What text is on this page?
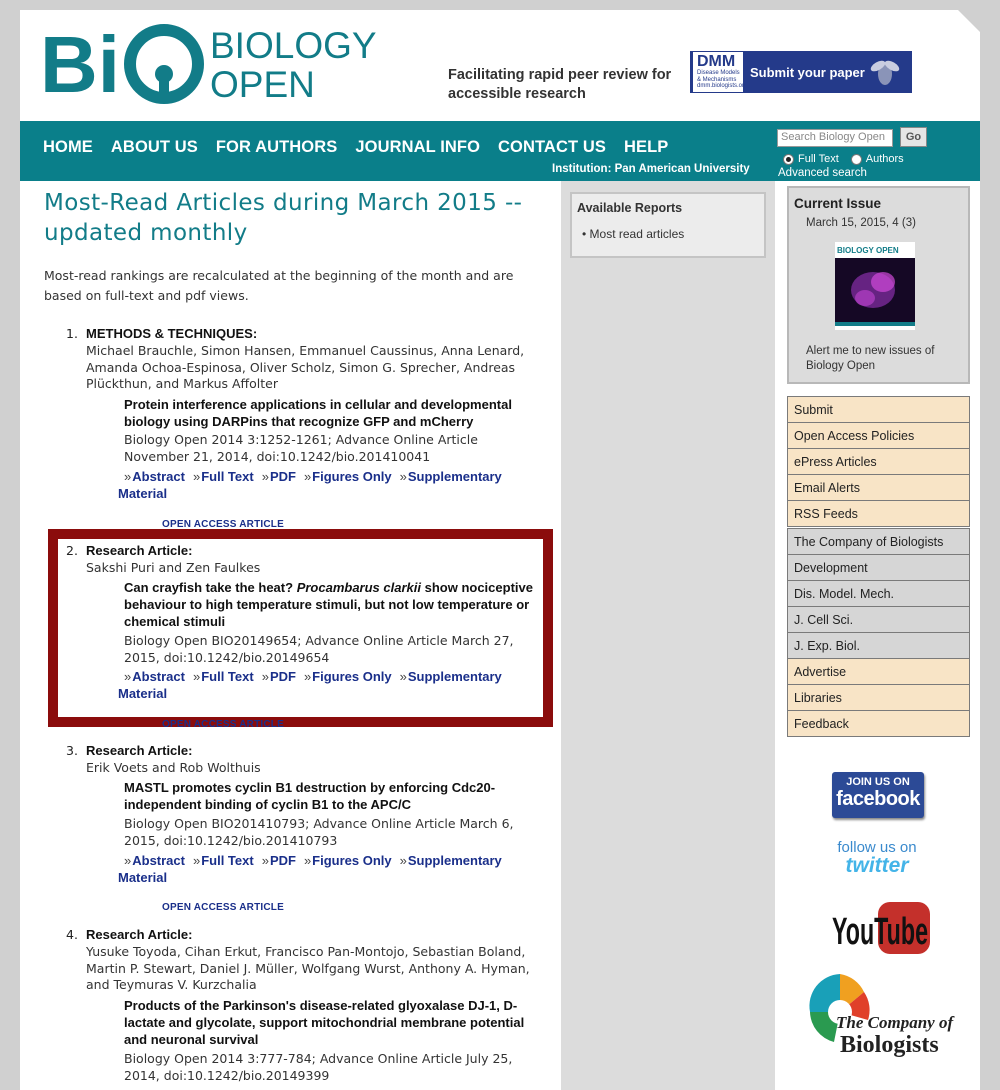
Bi BIOLOGY
OPEN	Facilitating rapid peer review for
accessible research
DMM
Disease Models
& Mechanisms
dmm.biologists.org
Submit your paper
HOME ABOUT US FOR AUTHORS JOURNAL INFO CONTACT US HELP
Institution: Pan American University
Search Biology Open	Go
Full Text Authors
Advanced search
Available Reports
• Most read articles
Most-Read Articles during March 2015 -- updated monthly
Most-read rankings are recalculated at the beginning of the month and are based on full-text and pdf views.
1. METHODS & TECHNIQUES:
Michael Brauchle, Simon Hansen, Emmanuel Caussinus, Anna Lenard, Amanda Ochoa-Espinosa, Oliver Scholz, Simon G. Sprecher, Andreas Plückthun, and Markus Affolter
Protein interference applications in cellular and developmental biology using DARPins that recognize GFP and mCherry
Biology Open 2014 3:1252-1261; Advance Online Article November 21, 2014, doi:10.1242/bio.201410041
»Abstract »Full Text »PDF »Figures Only »Supplementary
Material
OPEN ACCESS ARTICLE
2. Research Article:
Sakshi Puri and Zen Faulkes
Can crayfish take the heat? Procambarus clarkii show nociceptive behaviour to high temperature stimuli, but not low temperature or chemical stimuli
Biology Open BIO20149654; Advance Online Article March 27, 2015, doi:10.1242/bio.20149654
»Abstract »Full Text »PDF »Figures Only »Supplementary
Material
OPEN ACCESS ARTICLE
3. Research Article:
Erik Voets and Rob Wolthuis
MASTL promotes cyclin B1 destruction by enforcing Cdc20-independent binding of cyclin B1 to the APC/C
Biology Open BIO201410793; Advance Online Article March 6, 2015, doi:10.1242/bio.201410793
»Abstract »Full Text »PDF »Figures Only »Supplementary
Material
OPEN ACCESS ARTICLE
4. Research Article:
Yusuke Toyoda, Cihan Erkut, Francisco Pan-Montojo, Sebastian Boland, Martin P. Stewart, Daniel J. Müller, Wolfgang Wurst, Anthony A. Hyman, and Teymuras V. Kurzchalia
Products of the Parkinson's disease-related glyoxalase DJ-1, D-lactate and glycolate, support mitochondrial membrane potential and neuronal survival
Biology Open 2014 3:777-784; Advance Online Article July 25, 2014, doi:10.1242/bio.20149399
Current Issue
March 15, 2015, 4 (3)
BIOLOGY OPEN
Alert me to new issues of Biology Open
Submit
Open Access Policies
ePress Articles
Email Alerts
RSS Feeds
The Company of Biologists
Development
Dis. Model. Mech.
J. Cell Sci.
J. Exp. Biol.
Advertise
Libraries
Feedback
JOIN US ON
facebook
follow us on
twitter
YouTube
The Company of
Biologists
